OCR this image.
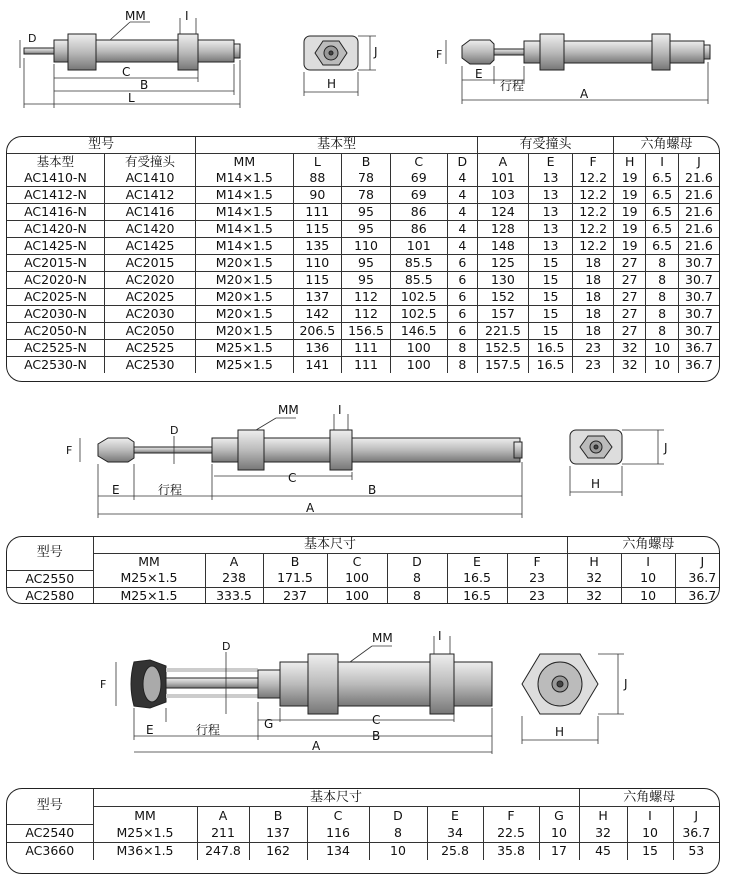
MM	I
D
C
B
L
J
H
F
E
行程
A
型号		基本型					有受撞头			六角螺母		
基本型	有受撞头	MM	L	B	C	D	A	E	F	H	I	J
AC1410-N	AC1410	M14×1.5	88	78	69	4	101	13	12.2	19	6.5	21.6
AC1412-N	AC1412	M14×1.5	90	78	69	4	103	13	12.2	19	6.5	21.6
AC1416-N	AC1416	M14×1.5	111	95	86	4	124	13	12.2	19	6.5	21.6
AC1420-N	AC1420	M14×1.5	115	95	86	4	128	13	12.2	19	6.5	21.6
AC1425-N	AC1425	M14×1.5	135	110	101	4	148	13	12.2	19	6.5	21.6
AC2015-N	AC2015	M20×1.5	110	95	85.5	6	125	15	18	27	8	30.7
AC2020-N	AC2020	M20×1.5	115	95	85.5	6	130	15	18	27	8	30.7
AC2025-N	AC2025	M20×1.5	137	112	102.5	6	152	15	18	27	8	30.7
AC2030-N	AC2030	M20×1.5	142	112	102.5	6	157	15	18	27	8	30.7
AC2050-N	AC2050	M20×1.5	206.5	156.5	146.5	6	221.5	15	18	27	8	30.7
AC2525-N	AC2525	M25×1.5	136	111	100	8	152.5	16.5	23	32	10	36.7
AC2530-N	AC2530	M25×1.5	141	111	100	8	157.5	16.5	23	32	10	36.7
MM	I
D
F
C
E	行程	B
A
J
H
型号	基本尺寸							六角螺母		
	MM	A	B	C	D	E	F	H	I	J
AC2550	M25×1.5	238	171.5	100	8	16.5	23	32	10	36.7
AC2580	M25×1.5	333.5	237	100	8	16.5	23	32	10	36.7
MM	I
D
F
G	C
E	行程	B
A
J
H
型号	基本尺寸								六角螺母		
	MM	A	B	C	D	E	F	G	H	I	J
AC2540	M25×1.5	211	137	116	8	34	22.5	10	32	10	36.7
AC3660	M36×1.5	247.8	162	134	10	25.8	35.8	17	45	15	53
